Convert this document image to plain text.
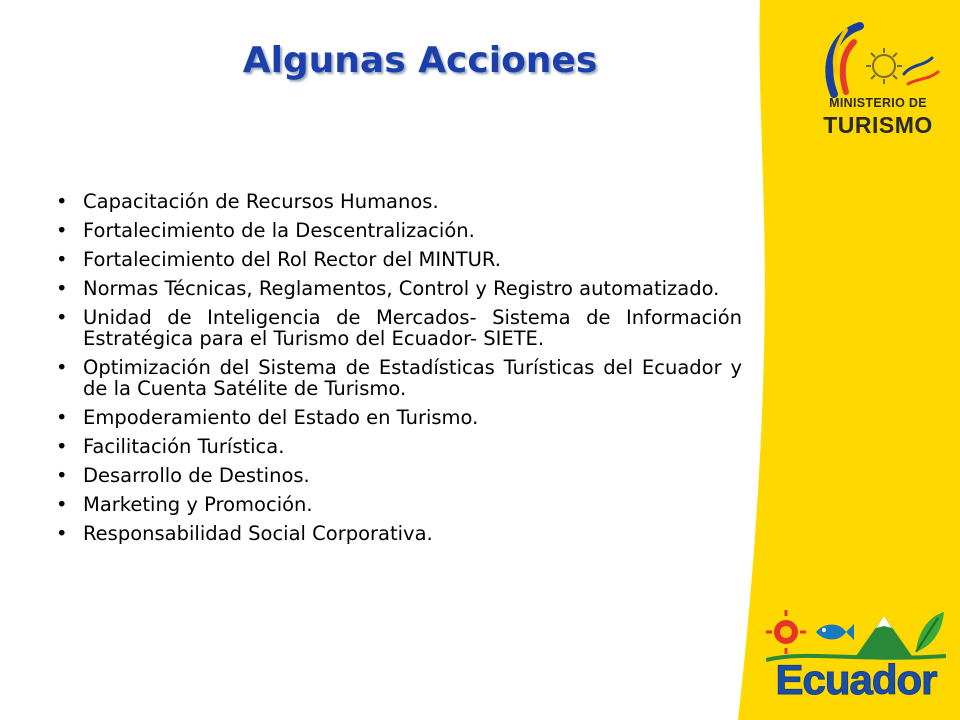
MINISTERIO DE
TURISMO
Algunas Acciones
• Capacitación de Recursos Humanos.
• Fortalecimiento de la Descentralización.
• Fortalecimiento del Rol Rector del MINTUR.
• Normas Técnicas, Reglamentos, Control y Registro automatizado.
• Unidad de Inteligencia de Mercados- Sistema de Información Estratégica para el Turismo del Ecuador- SIETE.
• Optimización del Sistema de Estadísticas Turísticas del Ecuador y de la Cuenta Satélite de Turismo.
• Empoderamiento del Estado en Turismo.
• Facilitación Turística.
• Desarrollo de Destinos.
• Marketing y Promoción.
• Responsabilidad Social Corporativa.
Ecuador
